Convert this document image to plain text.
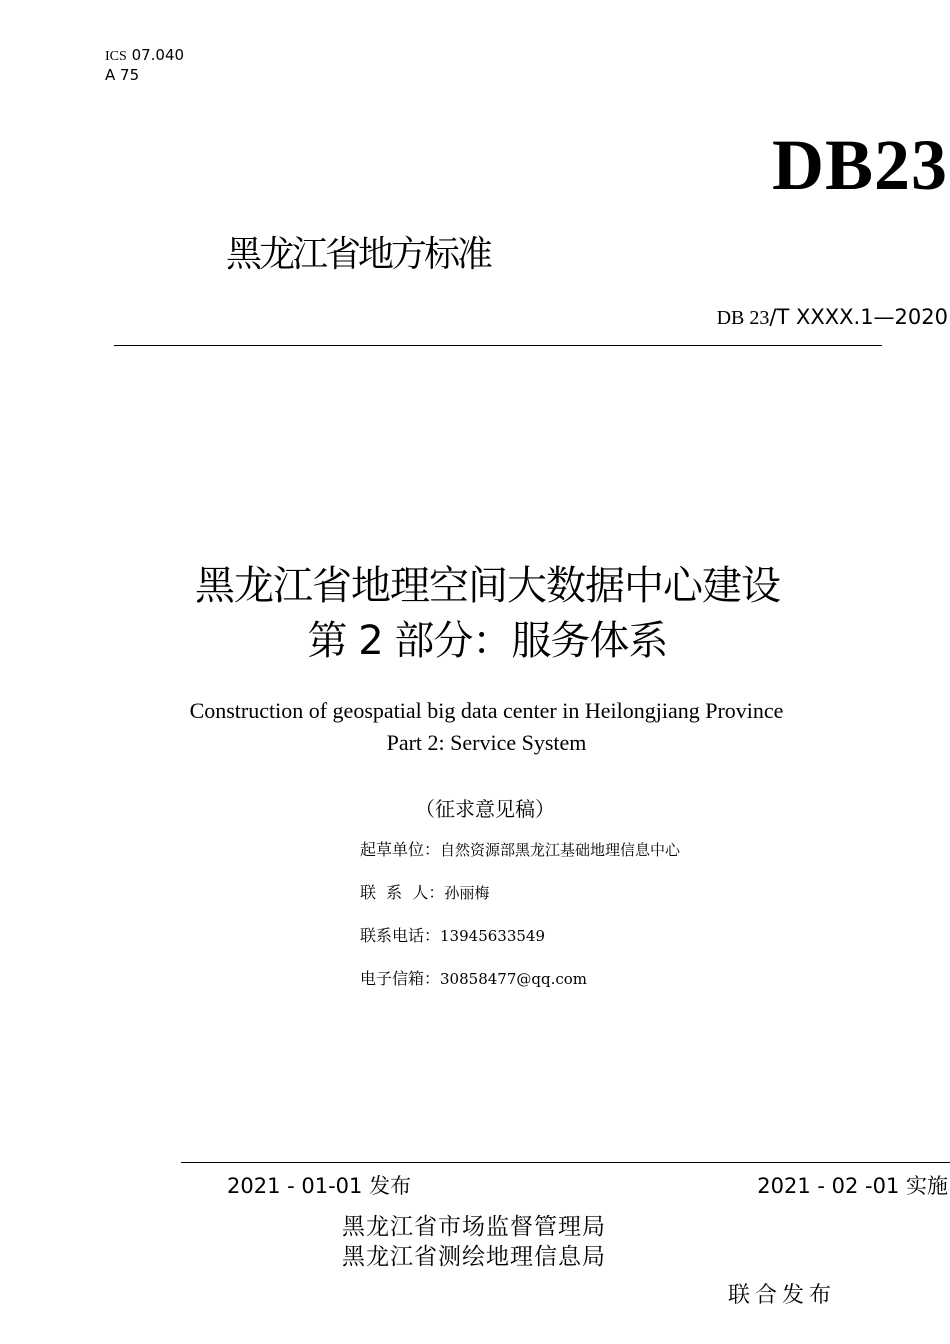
ICS 07.040
A 75
DB23
黑龙江省地方标准
DB 23/T XXXX.1—2020
黑龙江省地理空间大数据中心建设
第 2 部分：服务体系
Construction of geospatial big data center in Heilongjiang Province
Part 2: Service System
（征求意见稿）
起草单位：自然资源部黑龙江基础地理信息中心
联  系  人：孙丽梅
联系电话：13945633549
电子信箱：30858477@qq.com
2021 - 01-01 发布	2021 - 02 -01 实施
黑龙江省市场监督管理局
黑龙江省测绘地理信息局
联合发布
